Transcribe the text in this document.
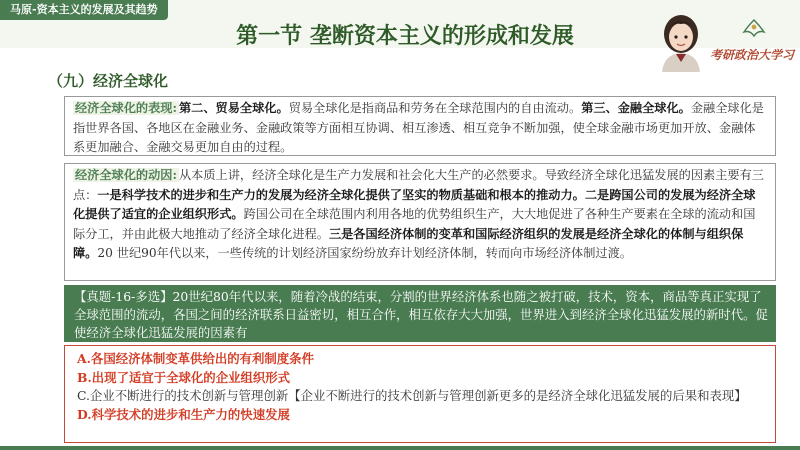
马原-资本主义的发展及其趋势
第一节 垄断资本主义的形成和发展
考研政治大学习
（九）经济全球化
经济全球化的表现: 第二、贸易全球化。贸易全球化是指商品和劳务在全球范围内的自由流动。第三、金融全球化。金融全球化是指世界各国、各地区在金融业务、金融政策等方面相互协调、相互渗透、相互竞争不断加强，使全球金融市场更加开放、金融体系更加融合、金融交易更加自由的过程。
经济全球化的动因: 从本质上讲，经济全球化是生产力发展和社会化大生产的必然要求。导致经济全球化迅猛发展的因素主要有三点：一是科学技术的进步和生产力的发展为经济全球化提供了坚实的物质基础和根本的推动力。二是跨国公司的发展为经济全球化提供了适宜的企业组织形式。跨国公司在全球范围内利用各地的优势组织生产，大大地促进了各种生产要素在全球的流动和国际分工，并由此极大地推动了经济全球化进程。三是各国经济体制的变革和国际经济组织的发展是经济全球化的体制与组织保障。20 世纪90年代以来，一些传统的计划经济国家纷纷放弃计划经济体制，转而向市场经济体制过渡。
【真题-16-多选】20世纪80年代以来，随着冷战的结束，分割的世界经济体系也随之被打破，技术，资本，商品等真正实现了全球范围的流动，各国之间的经济联系日益密切，相互合作，相互依存大大加强，世界进入到经济全球化迅猛发展的新时代。促使经济全球化迅猛发展的因素有
A.各国经济体制变革供给出的有利制度条件
B.出现了适宜于全球化的企业组织形式
C.企业不断进行的技术创新与管理创新【企业不断进行的技术创新与管理创新更多的是经济全球化迅猛发展的后果和表现】
D.科学技术的进步和生产力的快速发展
